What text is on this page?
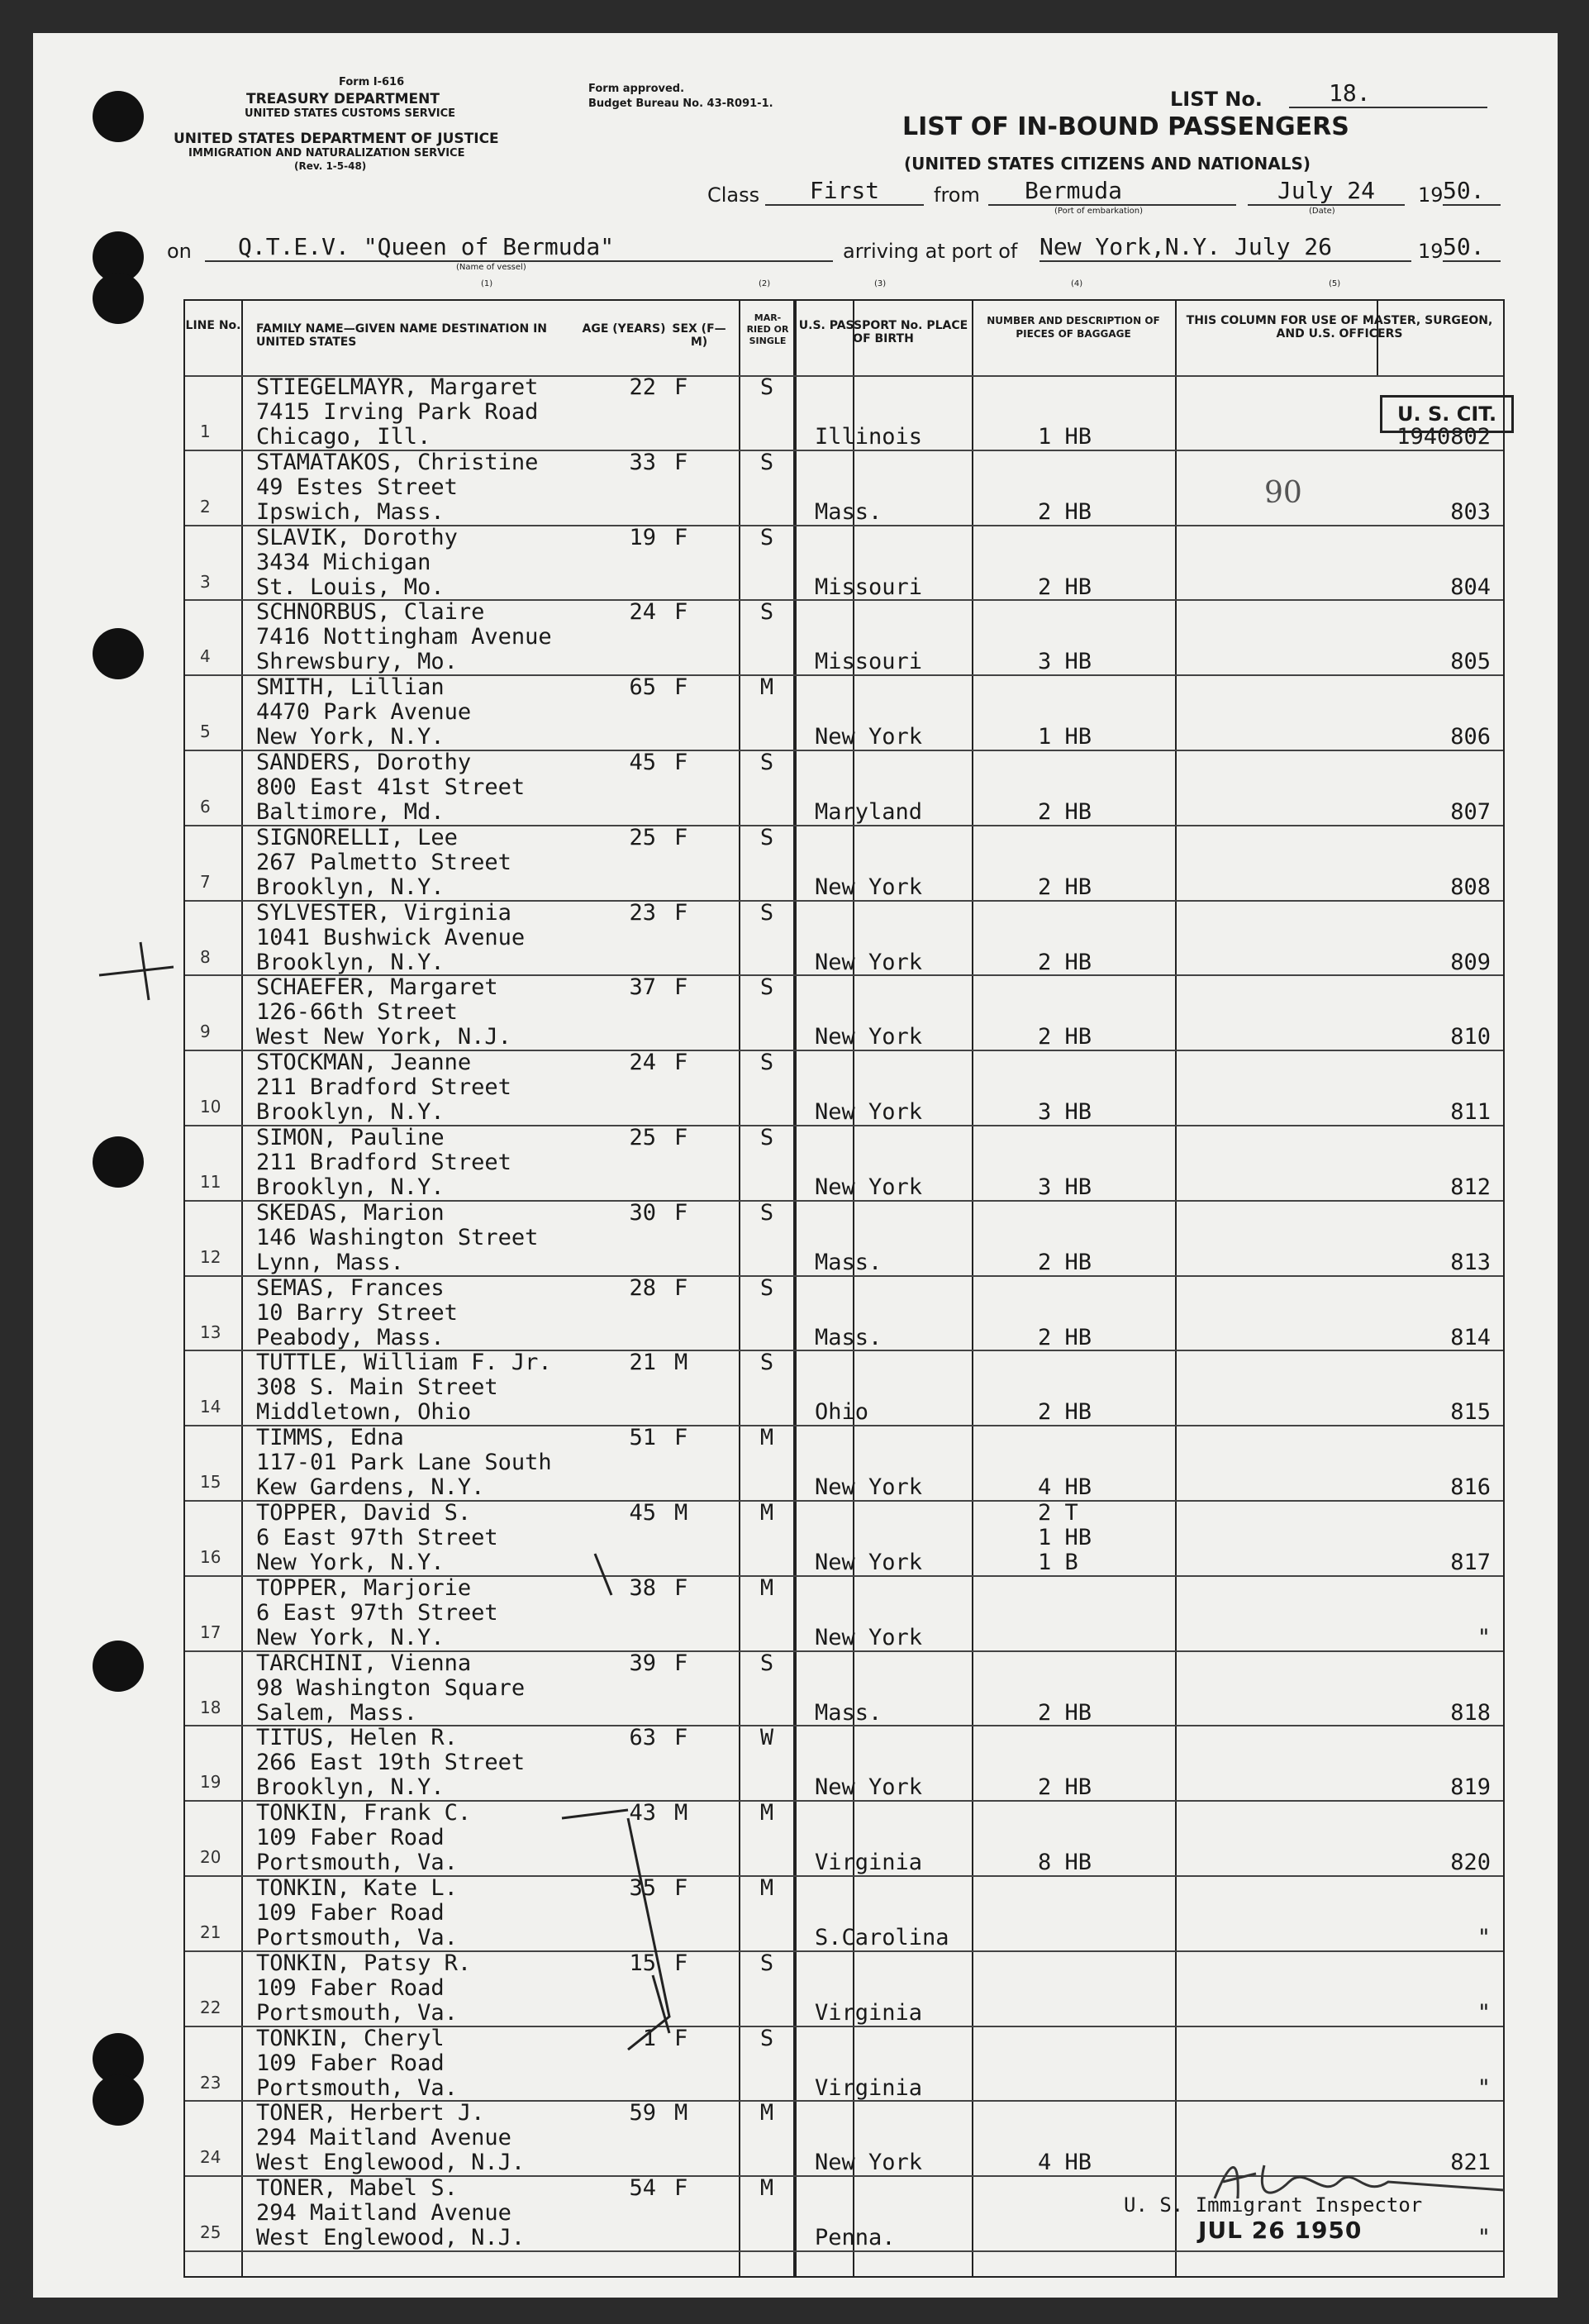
Form I-616
TREASURY DEPARTMENT
UNITED STATES CUSTOMS SERVICE
UNITED STATES DEPARTMENT OF JUSTICE
IMMIGRATION AND NATURALIZATION SERVICE
(Rev. 1-5-48)
Form approved.
Budget Bureau No. 43-R091-1.	LIST No.	18.
LIST OF IN-BOUND PASSENGERS
(UNITED STATES CITIZENS AND NATIONALS)
Class	First	from	Bermuda
(Port of embarkation)
July 24
(Date)
19 50.
on	Q.T.E.V. "Queen of Bermuda"
(Name of vessel)
arriving at port of New York,N.Y. July 26	19 50.
(1)	(2)	(3)	(4)	(5)
LINE No. FAMILY NAME—GIVEN NAME DESTINATION IN UNITED STATES
AGE (YEARS) SEX (F—M)
MAR-RIED OR SINGLE
U.S. PASSPORT No. PLACE OF BIRTH
NUMBER AND DESCRIPTION OF PIECES OF BAGGAGE
THIS COLUMN FOR USE OF MASTER, SURGEON, AND U.S. OFFICERS
1
STIEGELMAYR, Margaret	22 F	S
7415 Irving Park Road
Chicago, Ill.	Illinois	1 HB	1940802
2
STAMATAKOS, Christine	33 F	S
49 Estes Street
Ipswich, Mass.	Mass.	2 HB	803
3
SLAVIK, Dorothy	19 F	S
3434 Michigan
St. Louis, Mo.	Missouri	2 HB	804
4
SCHNORBUS, Claire	24 F	S
7416 Nottingham Avenue
Shrewsbury, Mo.	Missouri	3 HB	805
5
SMITH, Lillian	65 F	M
4470 Park Avenue
New York, N.Y.	New York	1 HB	806
6
SANDERS, Dorothy	45 F	S
800 East 41st Street
Baltimore, Md.	Maryland	2 HB	807
7
SIGNORELLI, Lee	25 F	S
267 Palmetto Street
Brooklyn, N.Y.	New York	2 HB	808
8
SYLVESTER, Virginia	23 F	S
1041 Bushwick Avenue
Brooklyn, N.Y.	New York	2 HB	809
9
SCHAEFER, Margaret	37 F	S
126-66th Street
West New York, N.J.	New York	2 HB	810
10
STOCKMAN, Jeanne	24 F	S
211 Bradford Street
Brooklyn, N.Y.	New York	3 HB	811
11
SIMON, Pauline	25 F	S
211 Bradford Street
Brooklyn, N.Y.	New York	3 HB	812
12
SKEDAS, Marion	30 F	S
146 Washington Street
Lynn, Mass.	Mass.	2 HB	813
13
SEMAS, Frances	28 F	S
10 Barry Street
Peabody, Mass.	Mass.	2 HB	814
14
TUTTLE, William F. Jr.	21 M	S
308 S. Main Street
Middletown, Ohio	Ohio	2 HB	815
15
TIMMS, Edna	51 F	M
117-01 Park Lane South
Kew Gardens, N.Y.	New York	4 HB	816
16
TOPPER, David S.	45 M	M
6 East 97th Street
New York, N.Y.	New York	1 B	817
2 T
1 HB
17
TOPPER, Marjorie	38 F	M
6 East 97th Street
New York, N.Y.	New York	"
18
TARCHINI, Vienna	39 F	S
98 Washington Square
Salem, Mass.	Mass.	2 HB	818
19
TITUS, Helen R.	63 F	W
266 East 19th Street
Brooklyn, N.Y.	New York	2 HB	819
20
TONKIN, Frank C.	43 M	M
109 Faber Road
Portsmouth, Va.	Virginia	8 HB	820
21
TONKIN, Kate L.	35 F	M
109 Faber Road
Portsmouth, Va.	S.Carolina	"
22
TONKIN, Patsy R.	15 F	S
109 Faber Road
Portsmouth, Va.	Virginia	"
23
TONKIN, Cheryl	1 F	S
109 Faber Road
Portsmouth, Va.	Virginia	"
24
TONER, Herbert J.	59 M	M
294 Maitland Avenue
West Englewood, N.J.	New York	4 HB	821
25
TONER, Mabel S.	54 F	M
294 Maitland Avenue
West Englewood, N.J.	Penna.	"
U. S. CIT.
90
U. S. Immigrant Inspector
JUL 26 1950
